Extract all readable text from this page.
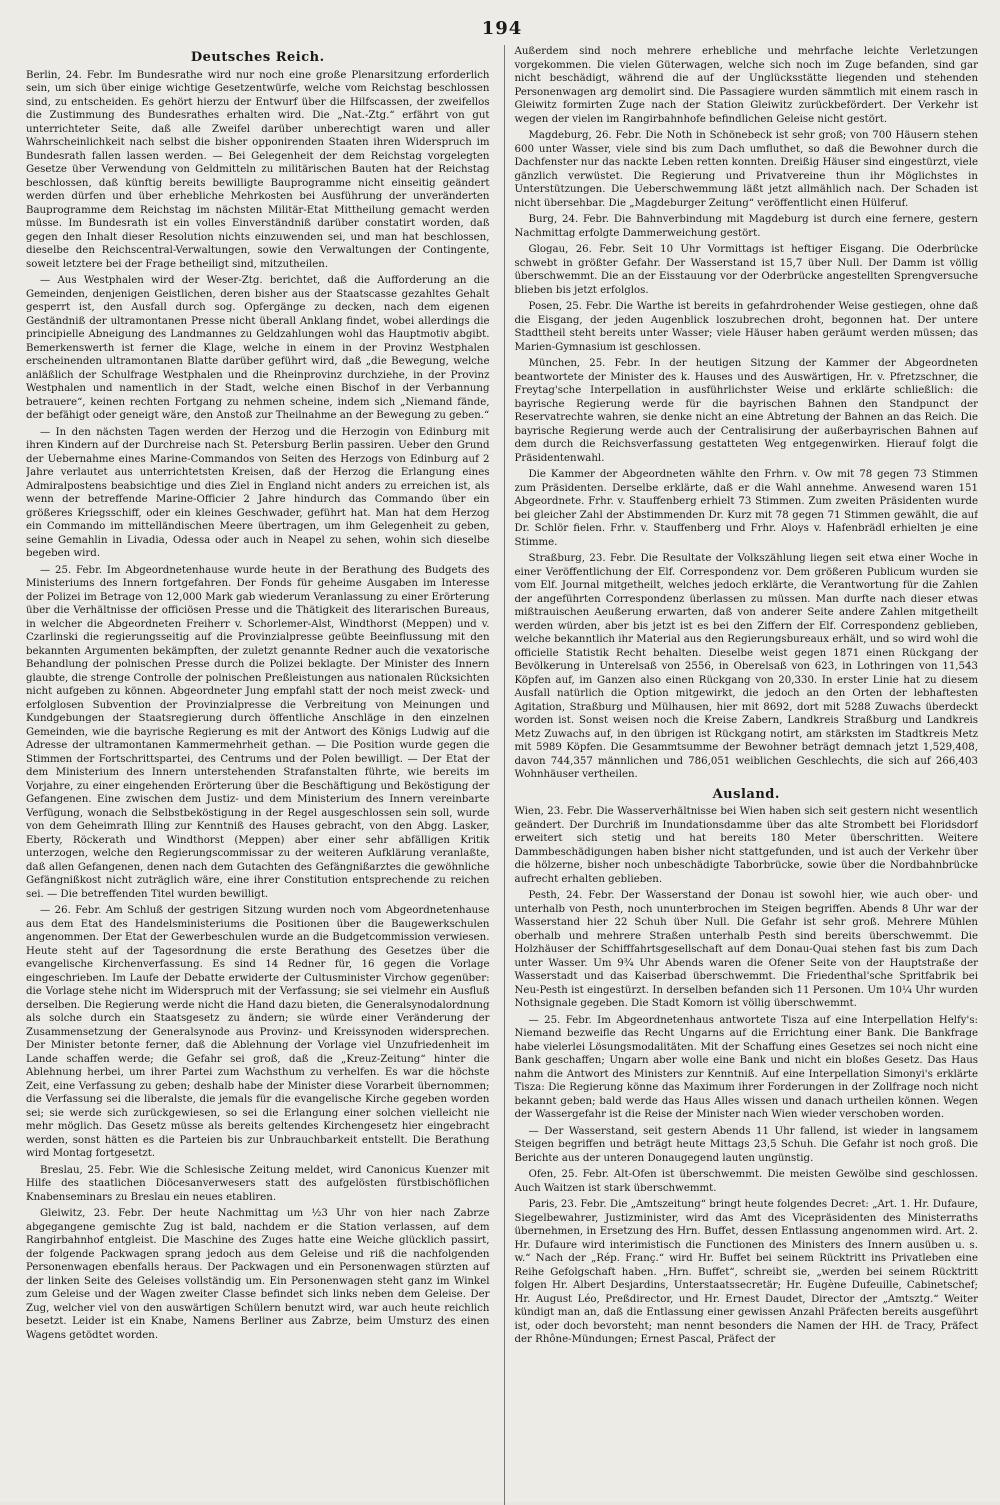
194
Deutsches Reich.

Berlin, 24. Febr. Im Bundesrathe wird nur noch eine große Plenarsitzung erforderlich sein, um sich über einige wichtige Gesetzentwürfe, welche vom Reichstag beschlossen sind, zu entscheiden. Es gehört hierzu der Entwurf über die Hilfscassen, der zweifellos die Zustimmung des Bundesrathes erhalten wird. Die „Nat.-Ztg.“ erfährt von gut unterrichteter Seite, daß alle Zweifel darüber unberechtigt waren und aller Wahrscheinlichkeit nach selbst die bisher opponirenden Staaten ihren Widerspruch im Bundesrath fallen lassen werden. — Bei Gelegenheit der dem Reichstag vorgelegten Gesetze über Verwendung von Geldmitteln zu militärischen Bauten hat der Reichstag beschlossen, daß künftig bereits bewilligte Bauprogramme nicht einseitig geändert werden dürfen und über erhebliche Mehrkosten bei Ausführung der unveränderten Bauprogramme dem Reichstag im nächsten Militär-Etat Mittheilung gemacht werden müsse. Im Bundesrath ist ein volles Einverständniß darüber constatirt worden, daß gegen den Inhalt dieser Resolution nichts einzuwenden sei, und man hat beschlossen, dieselbe den Reichscentral-Verwaltungen, sowie den Verwaltungen der Contingente, soweit letztere bei der Frage betheiligt sind, mitzutheilen.

— Aus Westphalen wird der Weser-Ztg. berichtet, daß die Aufforderung an die Gemeinden, denjenigen Geistlichen, deren bisher aus der Staatscasse gezahltes Gehalt gesperrt ist, den Ausfall durch sog. Opfergänge zu decken, nach dem eigenen Geständniß der ultramontanen Presse nicht überall Anklang findet, wobei allerdings die principielle Abneigung des Landmannes zu Geldzahlungen wohl das Hauptmotiv abgibt. Bemerkenswerth ist ferner die Klage, welche in einem in der Provinz Westphalen erscheinenden ultramontanen Blatte darüber geführt wird, daß „die Bewegung, welche anläßlich der Schulfrage Westphalen und die Rheinprovinz durchziehe, in der Provinz Westphalen und namentlich in der Stadt, welche einen Bischof in der Verbannung betrauere“, keinen rechten Fortgang zu nehmen scheine, indem sich „Niemand fände, der befähigt oder geneigt wäre, den Anstoß zur Theilnahme an der Bewegung zu geben.“

— In den nächsten Tagen werden der Herzog und die Herzogin von Edinburg mit ihren Kindern auf der Durchreise nach St. Petersburg Berlin passiren. Ueber den Grund der Uebernahme eines Marine-Commandos von Seiten des Herzogs von Edinburg auf 2 Jahre verlautet aus unterrichtetsten Kreisen, daß der Herzog die Erlangung eines Admiralpostens beabsichtige und dies Ziel in England nicht anders zu erreichen ist, als wenn der betreffende Marine-Officier 2 Jahre hindurch das Commando über ein größeres Kriegsschiff, oder ein kleines Geschwader, geführt hat. Man hat dem Herzog ein Commando im mittelländischen Meere übertragen, um ihm Gelegenheit zu geben, seine Gemahlin in Livadia, Odessa oder auch in Neapel zu sehen, wohin sich dieselbe begeben wird.

— 25. Febr. Im Abgeordnetenhause wurde heute in der Berathung des Budgets des Ministeriums des Innern fortgefahren. Der Fonds für geheime Ausgaben im Interesse der Polizei im Betrage von 12,000 Mark gab wiederum Veranlassung zu einer Erörterung über die Verhältnisse der officiösen Presse und die Thätigkeit des literarischen Bureaus, in welcher die Abgeordneten Freiherr v. Schorlemer-Alst, Windthorst (Meppen) und v. Czarlinski die regierungsseitig auf die Provinzialpresse geübte Beeinflussung mit den bekannten Argumenten bekämpften, der zuletzt genannte Redner auch die vexatorische Behandlung der polnischen Presse durch die Polizei beklagte. Der Minister des Innern glaubte, die strenge Controlle der polnischen Preßleistungen aus nationalen Rücksichten nicht aufgeben zu können. Abgeordneter Jung empfahl statt der noch meist zweck- und erfolglosen Subvention der Provinzialpresse die Verbreitung von Meinungen und Kundgebungen der Staatsregierung durch öffentliche Anschläge in den einzelnen Gemeinden, wie die bayrische Regierung es mit der Antwort des Königs Ludwig auf die Adresse der ultramontanen Kammermehrheit gethan. — Die Position wurde gegen die Stimmen der Fortschrittspartei, des Centrums und der Polen bewilligt. — Der Etat der dem Ministerium des Innern unterstehenden Strafanstalten führte, wie bereits im Vorjahre, zu einer eingehenden Erörterung über die Beschäftigung und Beköstigung der Gefangenen. Eine zwischen dem Justiz- und dem Ministerium des Innern vereinbarte Verfügung, wonach die Selbstbeköstigung in der Regel ausgeschlossen sein soll, wurde von dem Geheimrath Illing zur Kenntniß des Hauses gebracht, von den Abgg. Lasker, Eberty, Röckerath und Windthorst (Meppen) aber einer sehr abfälligen Kritik unterzogen, welche den Regierungscommissar zu der weiteren Aufklärung veranlaßte, daß allen Gefangenen, denen nach dem Gutachten des Gefängnißarztes die gewöhnliche Gefängnißkost nicht zuträglich wäre, eine ihrer Constitution entsprechende zu reichen sei. — Die betreffenden Titel wurden bewilligt.

— 26. Febr. Am Schluß der gestrigen Sitzung wurden noch vom Abgeordnetenhause aus dem Etat des Handelsministeriums die Positionen über die Baugewerkschulen angenommen. Der Etat der Gewerbeschulen wurde an die Budgetcommission verwiesen. Heute steht auf der Tagesordnung die erste Berathung des Gesetzes über die evangelische Kirchenverfassung. Es sind 14 Redner für, 16 gegen die Vorlage eingeschrieben. Im Laufe der Debatte erwiderte der Cultusminister Virchow gegenüber: die Vorlage stehe nicht im Widerspruch mit der Verfassung; sie sei vielmehr ein Ausfluß derselben. Die Regierung werde nicht die Hand dazu bieten, die Generalsynodalordnung als solche durch ein Staatsgesetz zu ändern; sie würde einer Veränderung der Zusammensetzung der Generalsynode aus Provinz- und Kreissynoden widersprechen. Der Minister betonte ferner, daß die Ablehnung der Vorlage viel Unzufriedenheit im Lande schaffen werde; die Gefahr sei groß, daß die „Kreuz-Zeitung“ hinter die Ablehnung herbei, um ihrer Partei zum Wachsthum zu verhelfen. Es war die höchste Zeit, eine Verfassung zu geben; deshalb habe der Minister diese Vorarbeit übernommen; die Verfassung sei die liberalste, die jemals für die evangelische Kirche gegeben worden sei; sie werde sich zurückgewiesen, so sei die Erlangung einer solchen vielleicht nie mehr möglich. Das Gesetz müsse als bereits geltendes Kirchengesetz hier eingebracht werden, sonst hätten es die Parteien bis zur Unbrauchbarkeit entstellt. Die Berathung wird Montag fortgesetzt.

Breslau, 25. Febr. Wie die Schlesische Zeitung meldet, wird Canonicus Kuenzer mit Hilfe des staatlichen Diöcesanverwesers statt des aufgelösten fürstbischöflichen Knabenseminars zu Breslau ein neues etabliren.

Gleiwitz, 23. Febr. Der heute Nachmittag um ½3 Uhr von hier nach Zabrze abgegangene gemischte Zug ist bald, nachdem er die Station verlassen, auf dem Rangirbahnhof entgleist. Die Maschine des Zuges hatte eine Weiche glücklich passirt, der folgende Packwagen sprang jedoch aus dem Geleise und riß die nachfolgenden Personenwagen ebenfalls heraus. Der Packwagen und ein Personenwagen stürzten auf der linken Seite des Geleises vollständig um. Ein Personenwagen steht ganz im Winkel zum Geleise und der Wagen zweiter Classe befindet sich links neben dem Geleise. Der Zug, welcher viel von den auswärtigen Schülern benutzt wird, war auch heute reichlich besetzt. Leider ist ein Knabe, Namens Berliner aus Zabrze, beim Umsturz des einen Wagens getödtet worden.

Außerdem sind noch mehrere erhebliche und mehrfache leichte Verletzungen vorgekommen. Die vielen Güterwagen, welche sich noch im Zuge befanden, sind gar nicht beschädigt, während die auf der Unglücksstätte liegenden und stehenden Personenwagen arg demolirt sind. Die Passagiere wurden sämmtlich mit einem rasch in Gleiwitz formirten Zuge nach der Station Gleiwitz zurückbefördert. Der Verkehr ist wegen der vielen im Rangirbahnhofe befindlichen Geleise nicht gestört.

Magdeburg, 26. Febr. Die Noth in Schönebeck ist sehr groß; von 700 Häusern stehen 600 unter Wasser, viele sind bis zum Dach umfluthet, so daß die Bewohner durch die Dachfenster nur das nackte Leben retten konnten. Dreißig Häuser sind eingestürzt, viele gänzlich verwüstet. Die Regierung und Privatvereine thun ihr Möglichstes in Unterstützungen. Die Ueberschwemmung läßt jetzt allmählich nach. Der Schaden ist nicht übersehbar. Die „Magdeburger Zeitung“ veröffentlicht einen Hülferuf.

Burg, 24. Febr. Die Bahnverbindung mit Magdeburg ist durch eine fernere, gestern Nachmittag erfolgte Dammerweichung gestört.

Glogau, 26. Febr. Seit 10 Uhr Vormittags ist heftiger Eisgang. Die Oderbrücke schwebt in größter Gefahr. Der Wasserstand ist 15,7 über Null. Der Damm ist völlig überschwemmt. Die an der Eisstauung vor der Oderbrücke angestellten Sprengversuche blieben bis jetzt erfolglos.

Posen, 25. Febr. Die Warthe ist bereits in gefahrdrohender Weise gestiegen, ohne daß die Eisgang, der jeden Augenblick loszubrechen droht, begonnen hat. Der untere Stadttheil steht bereits unter Wasser; viele Häuser haben geräumt werden müssen; das Marien-Gymnasium ist geschlossen.

München, 25. Febr. In der heutigen Sitzung der Kammer der Abgeordneten beantwortete der Minister des k. Hauses und des Auswärtigen, Hr. v. Pfretzschner, die Freytag'sche Interpellation in ausführlichster Weise und erklärte schließlich: die bayrische Regierung werde für die bayrischen Bahnen den Standpunct der Reservatrechte wahren, sie denke nicht an eine Abtretung der Bahnen an das Reich. Die bayrische Regierung werde auch der Centralisirung der außerbayrischen Bahnen auf dem durch die Reichsverfassung gestatteten Weg entgegenwirken. Hierauf folgt die Präsidentenwahl.

Die Kammer der Abgeordneten wählte den Frhrn. v. Ow mit 78 gegen 73 Stimmen zum Präsidenten. Derselbe erklärte, daß er die Wahl annehme. Anwesend waren 151 Abgeordnete. Frhr. v. Stauffenberg erhielt 73 Stimmen. Zum zweiten Präsidenten wurde bei gleicher Zahl der Abstimmenden Dr. Kurz mit 78 gegen 71 Stimmen gewählt, die auf Dr. Schlör fielen. Frhr. v. Stauffenberg und Frhr. Aloys v. Hafenbrädl erhielten je eine Stimme.

Straßburg, 23. Febr. Die Resultate der Volkszählung liegen seit etwa einer Woche in einer Veröffentlichung der Elf. Correspondenz vor. Dem größeren Publicum wurden sie vom Elf. Journal mitgetheilt, welches jedoch erklärte, die Verantwortung für die Zahlen der angeführten Correspondenz überlassen zu müssen. Man durfte nach dieser etwas mißtrauischen Aeußerung erwarten, daß von anderer Seite andere Zahlen mitgetheilt werden würden, aber bis jetzt ist es bei den Ziffern der Elf. Correspondenz geblieben, welche bekanntlich ihr Material aus den Regierungsbureaux erhält, und so wird wohl die officielle Statistik Recht behalten. Dieselbe weist gegen 1871 einen Rückgang der Bevölkerung in Unterelsaß von 2556, in Oberelsaß von 623, in Lothringen von 11,543 Köpfen auf, im Ganzen also einen Rückgang von 20,330. In erster Linie hat zu diesem Ausfall natürlich die Option mitgewirkt, die jedoch an den Orten der lebhaftesten Agitation, Straßburg und Mülhausen, hier mit 8692, dort mit 5288 Zuwachs überdeckt worden ist. Sonst weisen noch die Kreise Zabern, Landkreis Straßburg und Landkreis Metz Zuwachs auf, in den übrigen ist Rückgang notirt, am stärksten im Stadtkreis Metz mit 5989 Köpfen. Die Gesammtsumme der Bewohner beträgt demnach jetzt 1,529,408, davon 744,357 männlichen und 786,051 weiblichen Geschlechts, die sich auf 266,403 Wohnhäuser vertheilen.

Ausland.

Wien, 23. Febr. Die Wasserverhältnisse bei Wien haben sich seit gestern nicht wesentlich geändert. Der Durchriß im Inundationsdamme über das alte Strombett bei Floridsdorf erweitert sich stetig und hat bereits 180 Meter überschritten. Weitere Dammbeschädigungen haben bisher nicht stattgefunden, und ist auch der Verkehr über die hölzerne, bisher noch unbeschädigte Taborbrücke, sowie über die Nordbahnbrücke aufrecht erhalten geblieben.

Pesth, 24. Febr. Der Wasserstand der Donau ist sowohl hier, wie auch ober- und unterhalb von Pesth, noch ununterbrochen im Steigen begriffen. Abends 8 Uhr war der Wasserstand hier 22 Schuh über Null. Die Gefahr ist sehr groß. Mehrere Mühlen oberhalb und mehrere Straßen unterhalb Pesth sind bereits überschwemmt. Die Holzhäuser der Schifffahrtsgesellschaft auf dem Donau-Quai stehen fast bis zum Dach unter Wasser. Um 9¾ Uhr Abends waren die Ofener Seite von der Hauptstraße der Wasserstadt und das Kaiserbad überschwemmt. Die Friedenthal'sche Spritfabrik bei Neu-Pesth ist eingestürzt. In derselben befanden sich 11 Personen. Um 10¼ Uhr wurden Nothsignale gegeben. Die Stadt Komorn ist völlig überschwemmt.

— 25. Febr. Im Abgeordnetenhaus antwortete Tisza auf eine Interpellation Helfy's: Niemand bezweifle das Recht Ungarns auf die Errichtung einer Bank. Die Bankfrage habe vielerlei Lösungsmodalitäten. Mit der Schaffung eines Gesetzes sei noch nicht eine Bank geschaffen; Ungarn aber wolle eine Bank und nicht ein bloßes Gesetz. Das Haus nahm die Antwort des Ministers zur Kenntniß. Auf eine Interpellation Simonyi's erklärte Tisza: Die Regierung könne das Maximum ihrer Forderungen in der Zollfrage noch nicht bekannt geben; bald werde das Haus Alles wissen und danach urtheilen können. Wegen der Wassergefahr ist die Reise der Minister nach Wien wieder verschoben worden.

— Der Wasserstand, seit gestern Abends 11 Uhr fallend, ist wieder in langsamem Steigen begriffen und beträgt heute Mittags 23,5 Schuh. Die Gefahr ist noch groß. Die Berichte aus der unteren Donaugegend lauten ungünstig.

Ofen, 25. Febr. Alt-Ofen ist überschwemmt. Die meisten Gewölbe sind geschlossen. Auch Waitzen ist stark überschwemmt.

Paris, 23. Febr. Die „Amtszeitung“ bringt heute folgendes Decret: „Art. 1. Hr. Dufaure, Siegelbewahrer, Justizminister, wird das Amt des Vicepräsidenten des Ministerraths übernehmen, in Ersetzung des Hrn. Buffet, dessen Entlassung angenommen wird. Art. 2. Hr. Dufaure wird interimistisch die Functionen des Ministers des Innern ausüben u. s. w.“ Nach der „Rép. Franç.“ wird Hr. Buffet bei seinem Rücktritt ins Privatleben eine Reihe Gefolgschaft haben. „Hrn. Buffet“, schreibt sie, „werden bei seinem Rücktritt folgen Hr. Albert Desjardins, Unterstaatssecretär; Hr. Eugène Dufeuille, Cabinetschef; Hr. August Léo, Preßdirector, und Hr. Ernest Daudet, Director der „Amtsztg.“ Weiter kündigt man an, daß die Entlassung einer gewissen Anzahl Präfecten bereits ausgeführt ist, oder doch bevorsteht; man nennt besonders die Namen der HH. de Tracy, Präfect der Rhône-Mündungen; Ernest Pascal, Präfect der
